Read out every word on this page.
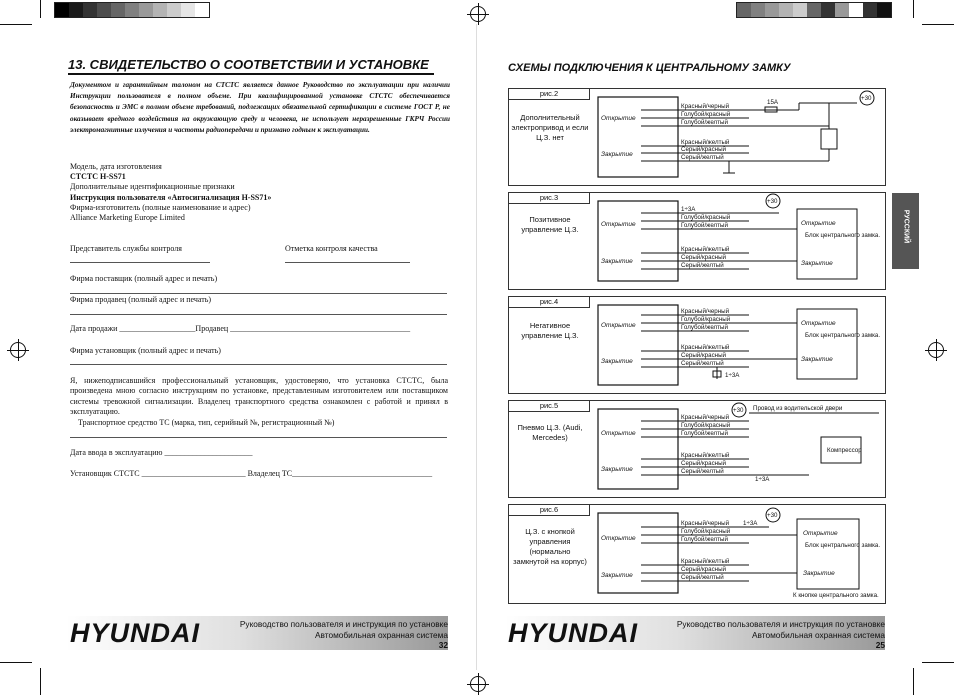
13. СВИДЕТЕЛЬСТВО О СООТВЕТСТВИИ И УСТАНОВКЕ
Документом и гарантийным талоном на СТСТС является данное Руководство по эксплуатации при наличии Инструкции пользователя в полном объеме. При квалифицированной установке СТСТС обеспечивается безопасность и ЭМС в полном объеме требований, подлежащих обязательной сертификации в системе ГОСТ Р, не оказывает вредного воздействия на окружающую среду и человека, не использует неразрешенные ГКРЧ России электромагнитные излучения и частоты радиопередачи и признано годным к эксплуатации.
Модель, дата изготовления
СТСТС H-SS71
Дополнительные идентификационные признаки
Инструкция пользователя «Автосигнализация H-SS71»
Фирма-изготовитель (полные наименование и адрес)
Alliance Marketing Europe Limited
Представитель службы контроля	Отметка контроля качества
Фирма поставщик (полный адрес и печать)
Фирма продавец (полный адрес и печать)
Дата продажи ___________________Продавец _____________________________________________
Фирма установщик (полный адрес и печать)
Я, нижеподписавшийся профессиональный установщик, удостоверяю, что установка СТСТС, была произведена мною согласно инструкциям по установке, представленным изготовителем или поставщиком системы тревожной сигнализации. Владелец транспортного средства ознакомлен с работой и принял в эксплуатацию.
Транспортное средство ТС (марка, тип, серийный №, регистрационный №)
Дата ввода в эксплуатацию ______________________
Установщик СТСТС __________________________ Владелец ТС___________________________________
HYUNDAI	Руководство пользователя и инструкция по установке
Автомобильная охранная система
32
СХЕМЫ ПОДКЛЮЧЕНИЯ К ЦЕНТРАЛЬНОМУ ЗАМКУ
РУССКИЙ
рис.2
Дополнительный электропривод и если Ц.З. нет
Открытие
Закрытие
Красный/черный
Голубой/красный
Голубой/желтый
Красный/желтый
Серый/красный
Серый/желтый
15A
+30
рис.3
Позитивное управление Ц.З.
Открытие
Закрытие
1÷3A
Голубой/красный
Голубой/желтый
Красный/желтый
Серый/красный
Серый/желтый
+30
Открытие
Блок центрального замка.
Закрытие
рис.4
Негативное управление Ц.З.
Открытие
Закрытие
Красный/черный
Голубой/красный
Голубой/желтый
Красный/желтый
Серый/красный
Серый/желтый
1÷3A
Открытие
Блок центрального замка.
Закрытие
рис.5
Пневмо Ц.З. (Audi, Mercedes)	Открытие
Закрытие
Красный/черный
Голубой/красный
Голубой/желтый
Красный/желтый
Серый/красный
Серый/желтый
1÷3A
+30 Провод из водительской двери
Компрессор
рис.6
Ц.З. с кнопкой управления (нормально замкнутой на корпус)
Открытие
Закрытие
Красный/черный
Голубой/красный
Голубой/желтый
Красный/желтый
Серый/красный
Серый/желтый
1÷3A
+30
Открытие
Блок центрального замка.
Закрытие
К кнопке центрального замка.
HYUNDAI	Руководство пользователя и инструкция по установке
Автомобильная охранная система
25
